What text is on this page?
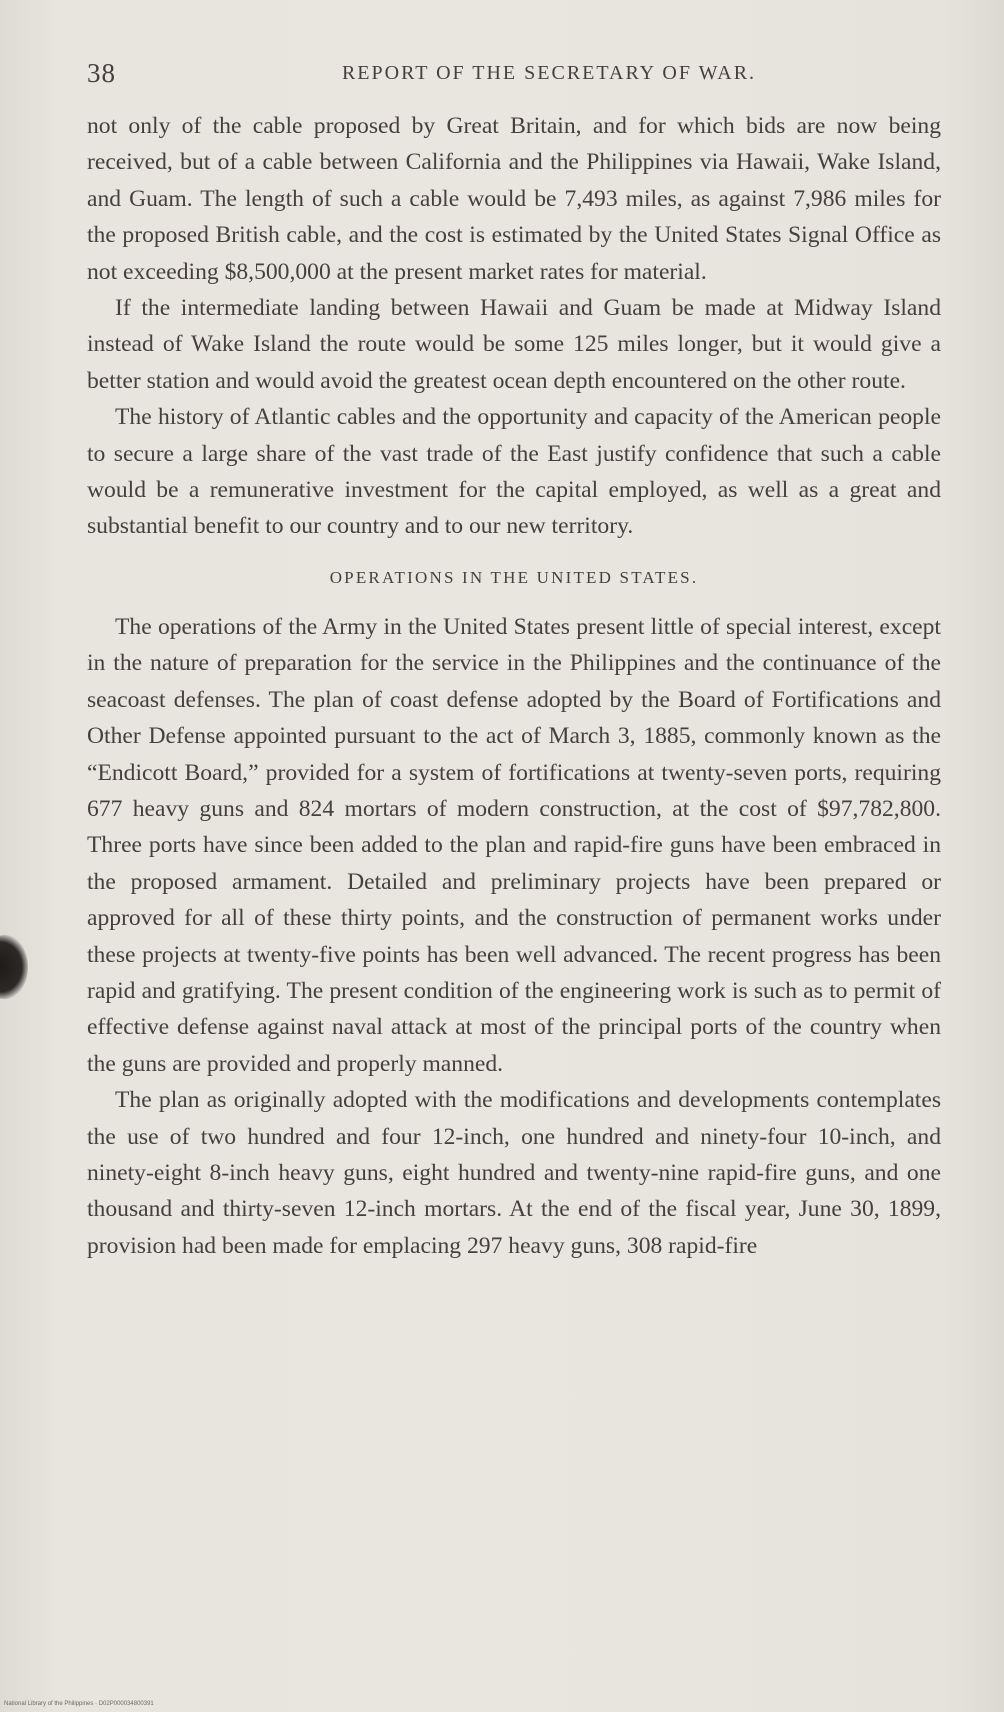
38	REPORT OF THE SECRETARY OF WAR.

not only of the cable proposed by Great Britain, and for which bids are now being received, but of a cable between California and the Philippines via Hawaii, Wake Island, and Guam. The length of such a cable would be 7,493 miles, as against 7,986 miles for the proposed British cable, and the cost is estimated by the United States Signal Office as not exceeding $8,500,000 at the present market rates for material.

If the intermediate landing between Hawaii and Guam be made at Midway Island instead of Wake Island the route would be some 125 miles longer, but it would give a better station and would avoid the greatest ocean depth encountered on the other route.

The history of Atlantic cables and the opportunity and capacity of the American people to secure a large share of the vast trade of the East justify confidence that such a cable would be a remunerative investment for the capital employed, as well as a great and substantial benefit to our country and to our new territory.

OPERATIONS IN THE UNITED STATES.

The operations of the Army in the United States present little of special interest, except in the nature of preparation for the service in the Philippines and the continuance of the seacoast defenses. The plan of coast defense adopted by the Board of Fortifications and Other Defense appointed pursuant to the act of March 3, 1885, commonly known as the “Endicott Board,” provided for a system of fortifications at twenty-seven ports, requiring 677 heavy guns and 824 mortars of modern construction, at the cost of $97,782,800. Three ports have since been added to the plan and rapid-fire guns have been embraced in the proposed armament. Detailed and preliminary projects have been prepared or approved for all of these thirty points, and the construction of permanent works under these projects at twenty-five points has been well advanced. The recent progress has been rapid and gratifying. The present condition of the engineering work is such as to permit of effective defense against naval attack at most of the principal ports of the country when the guns are provided and properly manned.

The plan as originally adopted with the modifications and developments contemplates the use of two hundred and four 12-inch, one hundred and ninety-four 10-inch, and ninety-eight 8-inch heavy guns, eight hundred and twenty-nine rapid-fire guns, and one thousand and thirty-seven 12-inch mortars. At the end of the fiscal year, June 30, 1899, provision had been made for emplacing 297 heavy guns, 308 rapid-fire

National Library of the Philippines · D02P000034800391
